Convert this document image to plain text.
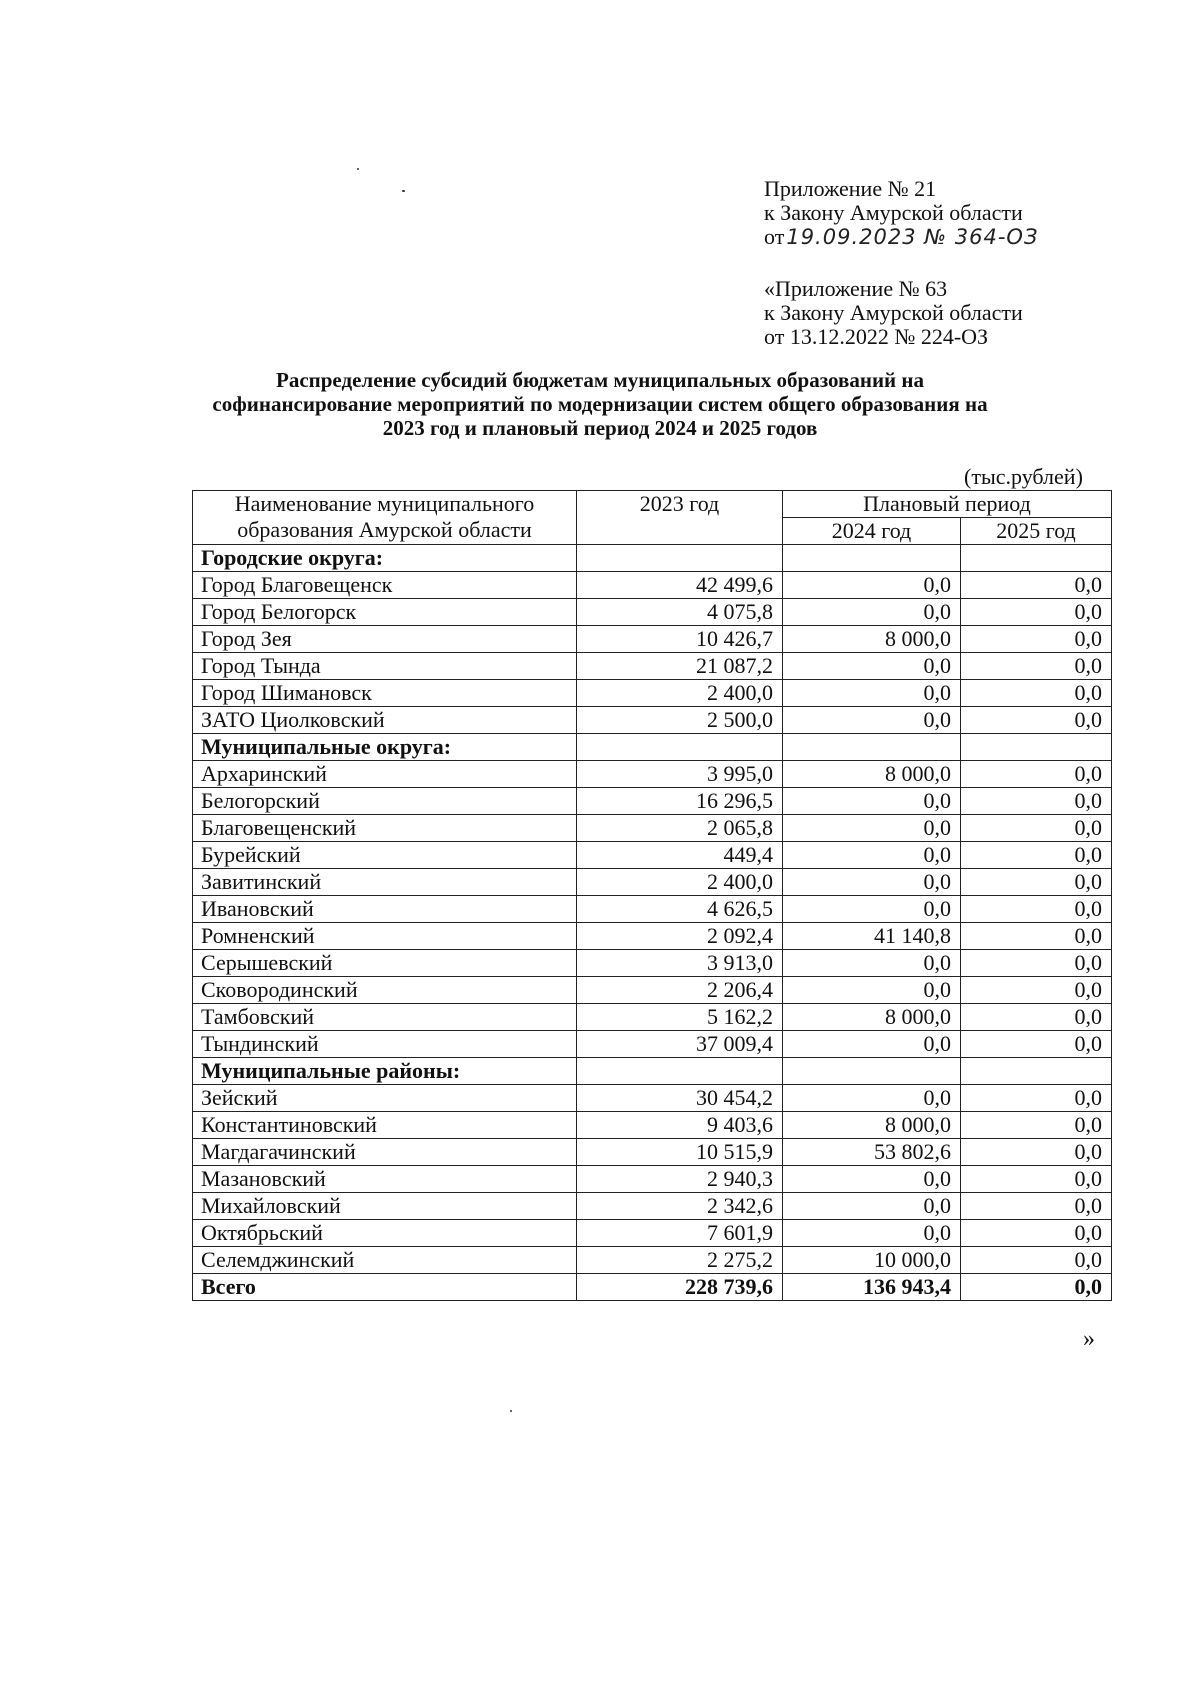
Приложение № 21
к Закону Амурской области
от19.09.2023 № 364-ОЗ
«Приложение № 63
к Закону Амурской области
от 13.12.2022 № 224-ОЗ
Распределение субсидий бюджетам муниципальных образований на
софинансирование мероприятий по модернизации систем общего образования на
2023 год и плановый период 2024 и 2025 годов
(тыс.рублей)
Наименование муниципального
образования Амурской области	2023 год	Плановый период	
		2024 год	2025 год
Городские округа:			
Город Благовещенск	42 499,6	0,0	0,0
Город Белогорск	4 075,8	0,0	0,0
Город Зея	10 426,7	8 000,0	0,0
Город Тында	21 087,2	0,0	0,0
Город Шимановск	2 400,0	0,0	0,0
ЗАТО Циолковский	2 500,0	0,0	0,0
Муниципальные округа:			
Архаринский	3 995,0	8 000,0	0,0
Белогорский	16 296,5	0,0	0,0
Благовещенский	2 065,8	0,0	0,0
Бурейский	449,4	0,0	0,0
Завитинский	2 400,0	0,0	0,0
Ивановский	4 626,5	0,0	0,0
Ромненский	2 092,4	41 140,8	0,0
Серышевский	3 913,0	0,0	0,0
Сковородинский	2 206,4	0,0	0,0
Тамбовский	5 162,2	8 000,0	0,0
Тындинский	37 009,4	0,0	0,0
Муниципальные районы:			
Зейский	30 454,2	0,0	0,0
Константиновский	9 403,6	8 000,0	0,0
Магдагачинский	10 515,9	53 802,6	0,0
Мазановский	2 940,3	0,0	0,0
Михайловский	2 342,6	0,0	0,0
Октябрьский	7 601,9	0,0	0,0
Селемджинский	2 275,2	10 000,0	0,0
Всего	228 739,6	136 943,4	0,0
»
